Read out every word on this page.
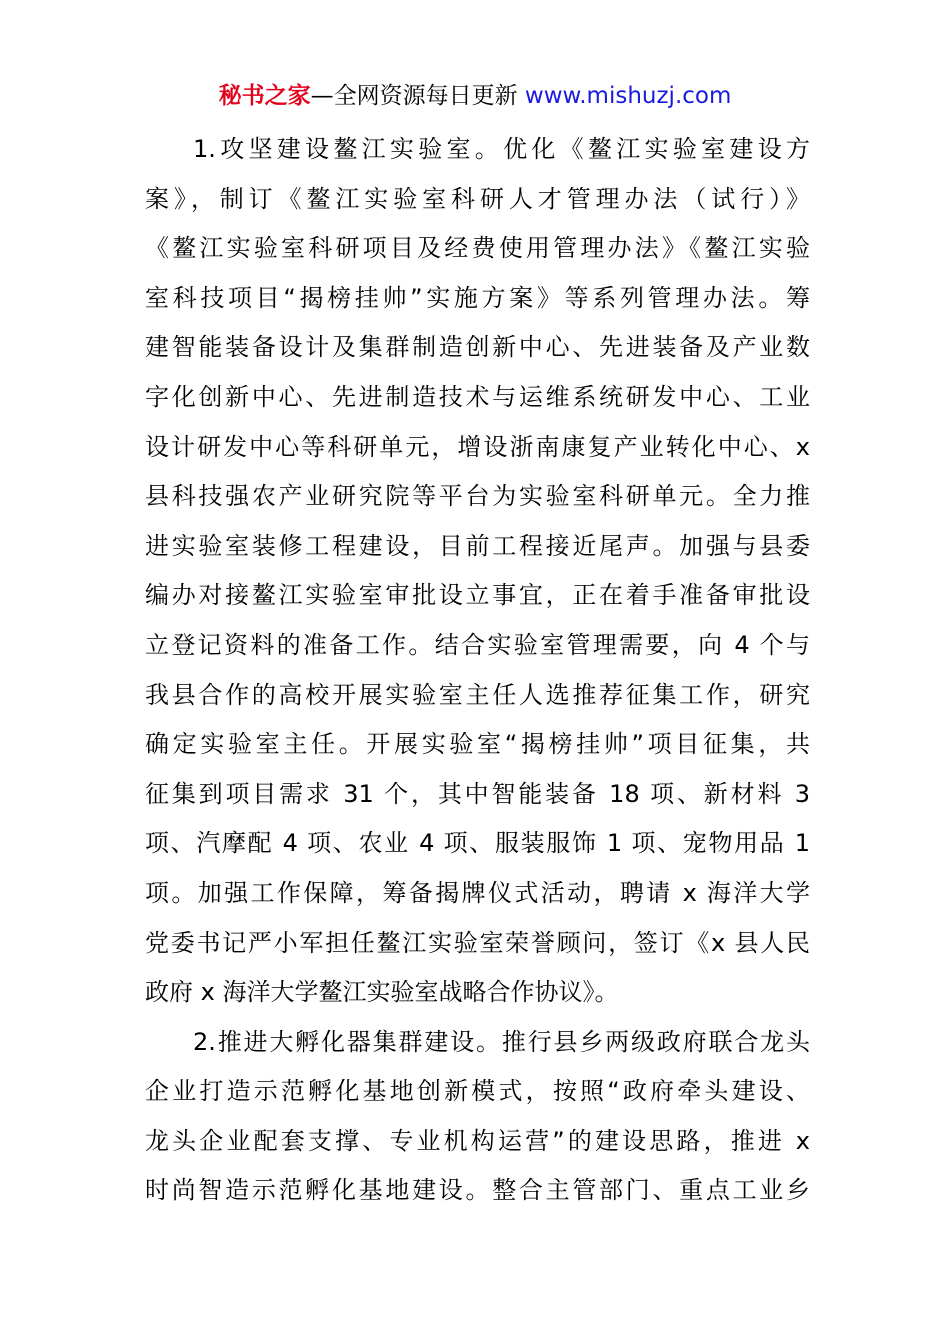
秘书之家—全网资源每日更新 www.mishuzj.com
1.攻坚建设鳌江实验室。优化《鳌江实验室建设方
案》，制订《鳌江实验室科研人才管理办法（试行）》
《鳌江实验室科研项目及经费使用管理办法》《鳌江实验
室科技项目“揭榜挂帅”实施方案》等系列管理办法。筹
建智能装备设计及集群制造创新中心、先进装备及产业数
字化创新中心、先进制造技术与运维系统研发中心、工业
设计研发中心等科研单元，增设浙南康复产业转化中心、x
县科技强农产业研究院等平台为实验室科研单元。全力推
进实验室装修工程建设，目前工程接近尾声。加强与县委
编办对接鳌江实验室审批设立事宜，正在着手准备审批设
立登记资料的准备工作。结合实验室管理需要，向 4 个与
我县合作的高校开展实验室主任人选推荐征集工作，研究
确定实验室主任。开展实验室“揭榜挂帅”项目征集，共
征集到项目需求 31 个，其中智能装备 18 项、新材料 3
项、汽摩配 4 项、农业 4 项、服装服饰 1 项、宠物用品 1
项。加强工作保障，筹备揭牌仪式活动，聘请 x 海洋大学
党委书记严小军担任鳌江实验室荣誉顾问，签订《x 县人民
政府 x 海洋大学鳌江实验室战略合作协议》。
2.推进大孵化器集群建设。推行县乡两级政府联合龙头
企业打造示范孵化基地创新模式，按照“政府牵头建设、
龙头企业配套支撑、专业机构运营”的建设思路，推进 x
时尚智造示范孵化基地建设。整合主管部门、重点工业乡
